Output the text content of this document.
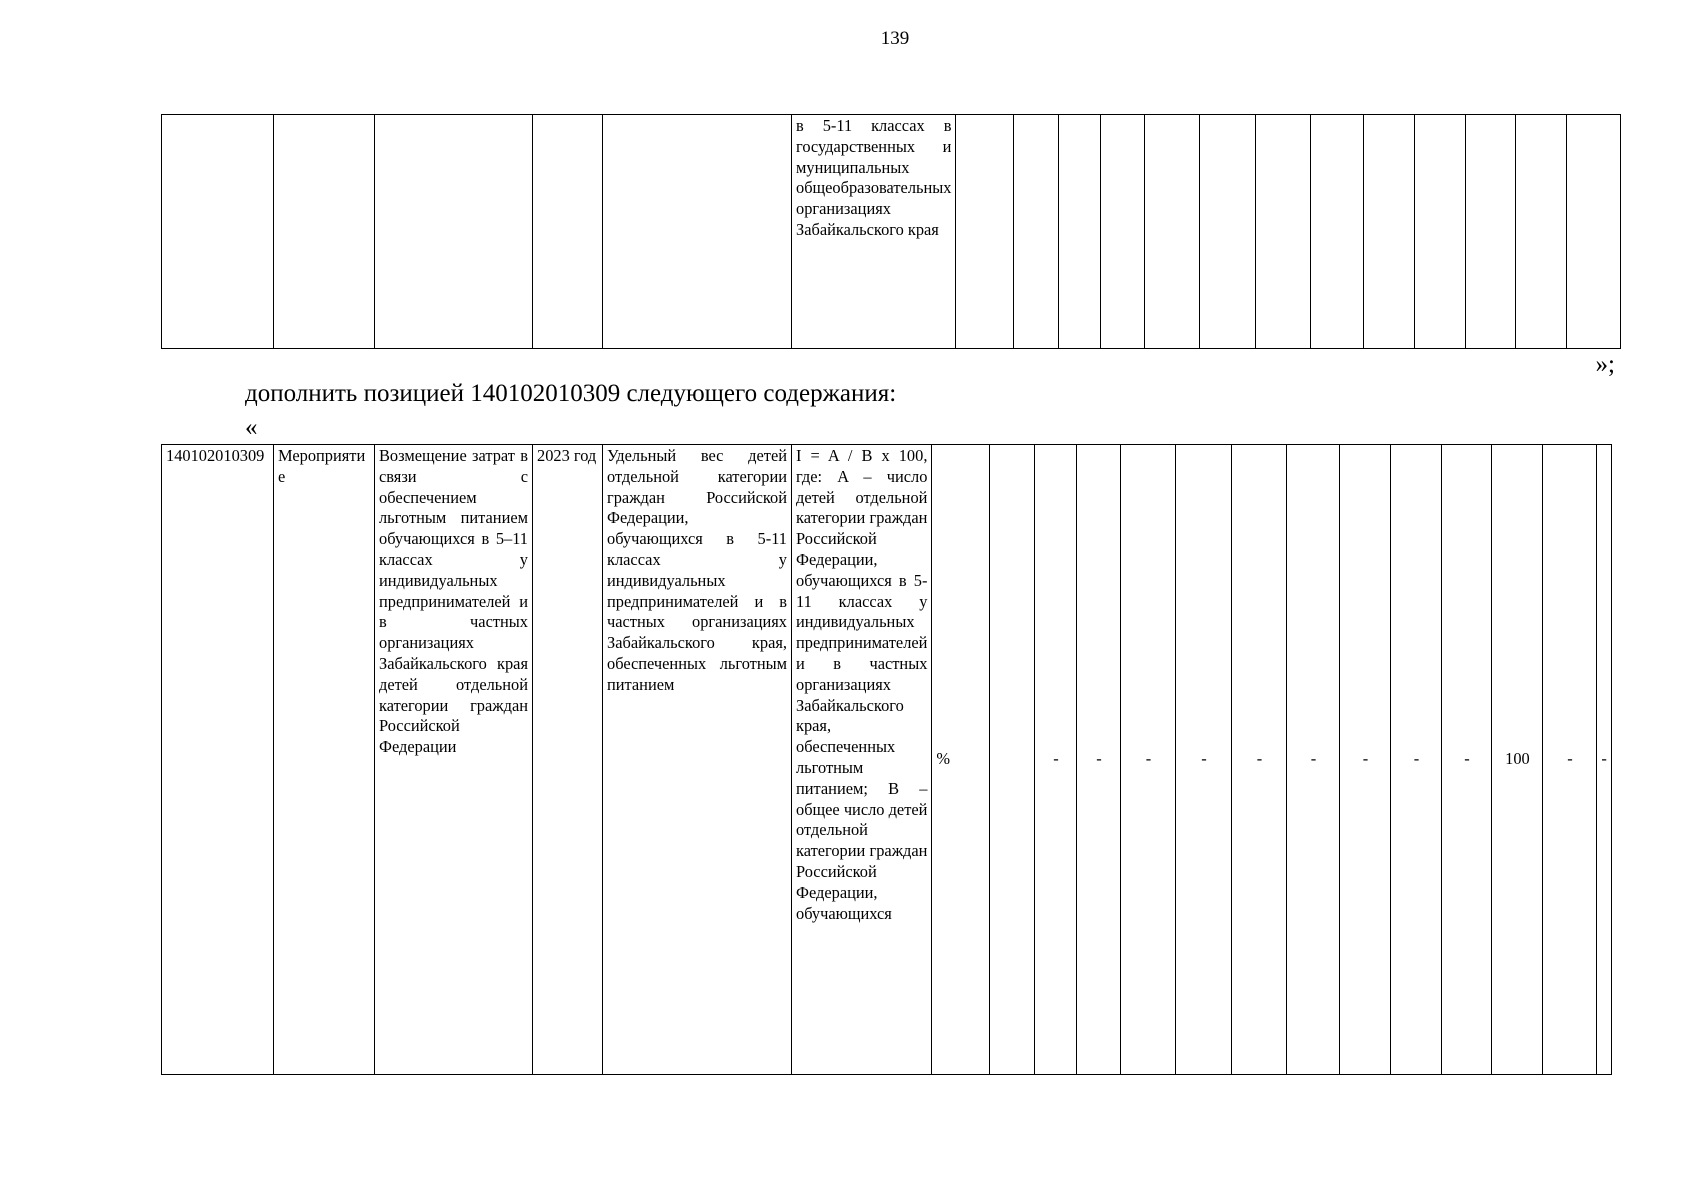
139
					в 5-11 классах в государственных и муниципальных общеобразовательных организациях Забайкальского края													
»;
дополнить позицией 140102010309 следующего содержания:
«
140102010309	Мероприятие	Возмещение затрат в связи с обеспечением льготным питанием обучающихся в 5–11 классах у индивидуальных предпринимателей и в частных организациях Забайкальского края детей отдельной категории граждан Российской Федерации	2023 год	Удельный вес детей отдельной категории граждан Российской Федерации, обучающихся в 5-11 классах у индивидуальных предпринимателей и в частных организациях Забайкальского края, обеспеченных льготным питанием	I = A / B x 100, где: A – число детей отдельной категории граждан Российской Федерации, обучающихся в 5-11 классах у индивидуальных предпринимателей и в частных организациях Забайкальского края, обеспеченных льготным питанием; B – общее число детей отдельной категории граждан Российской Федерации, обучающихся	%		-	-	-	-	-	-	-	-	-	100	-	-
